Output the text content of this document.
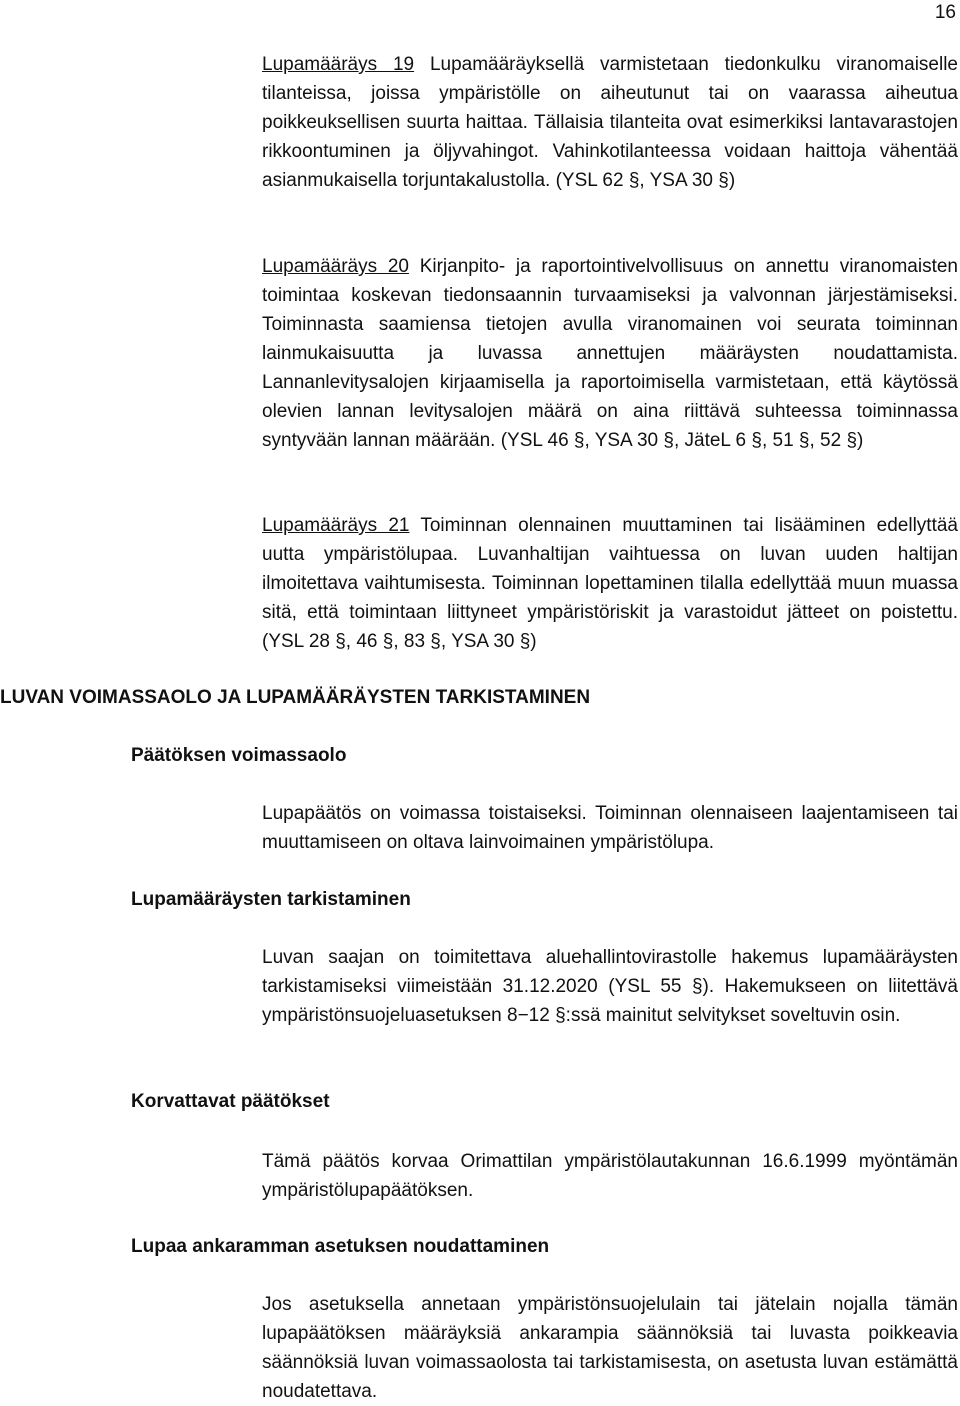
16

Lupamääräys 19 Lupamääräyksellä varmistetaan tiedonkulku viranomaiselle tilanteissa, joissa ympäristölle on aiheutunut tai on vaarassa aiheutua poikkeuksellisen suurta haittaa. Tällaisia tilanteita ovat esimerkiksi lantavarastojen rikkoontuminen ja öljyvahingot. Vahinkotilanteessa voidaan haittoja vähentää asianmukaisella torjuntakalustolla. (YSL 62 §, YSA 30 §)

Lupamääräys 20 Kirjanpito- ja raportointivelvollisuus on annettu viranomaisten toimintaa koskevan tiedonsaannin turvaamiseksi ja valvonnan järjestämiseksi. Toiminnasta saamiensa tietojen avulla viranomainen voi seurata toiminnan lainmukaisuutta ja luvassa annettujen määräysten noudattamista. Lannanlevitysalojen kirjaamisella ja raportoimisella varmistetaan, että käytössä olevien lannan levitysalojen määrä on aina riittävä suhteessa toiminnassa syntyvään lannan määrään. (YSL 46 §, YSA 30 §, JäteL 6 §, 51 §, 52 §)

Lupamääräys 21 Toiminnan olennainen muuttaminen tai lisääminen edellyttää uutta ympäristölupaa. Luvanhaltijan vaihtuessa on luvan uuden haltijan ilmoitettava vaihtumisesta. Toiminnan lopettaminen tilalla edellyttää muun muassa sitä, että toimintaan liittyneet ympäristöriskit ja varastoidut jätteet on poistettu. (YSL 28 §, 46 §, 83 §, YSA 30 §)

LUVAN VOIMASSAOLO JA LUPAMÄÄRÄYSTEN TARKISTAMINEN
Päätöksen voimassaolo

Lupapäätös on voimassa toistaiseksi. Toiminnan olennaiseen laajentamiseen tai muuttamiseen on oltava lainvoimainen ympäristölupa.

Lupamääräysten tarkistaminen

Luvan saajan on toimitettava aluehallintovirastolle hakemus lupamääräysten tarkistamiseksi viimeistään 31.12.2020 (YSL 55 §). Hakemukseen on liitettävä ympäristönsuojeluasetuksen 8−12 §:ssä mainitut selvitykset soveltuvin osin.

Korvattavat päätökset

Tämä päätös korvaa Orimattilan ympäristölautakunnan 16.6.1999 myöntämän ympäristölupapäätöksen.

Lupaa ankaramman asetuksen noudattaminen

Jos asetuksella annetaan ympäristönsuojelulain tai jätelain nojalla tämän lupapäätöksen määräyksiä ankarampia säännöksiä tai luvasta poikkeavia säännöksiä luvan voimassaolosta tai tarkistamisesta, on asetusta luvan estämättä noudatettava.
